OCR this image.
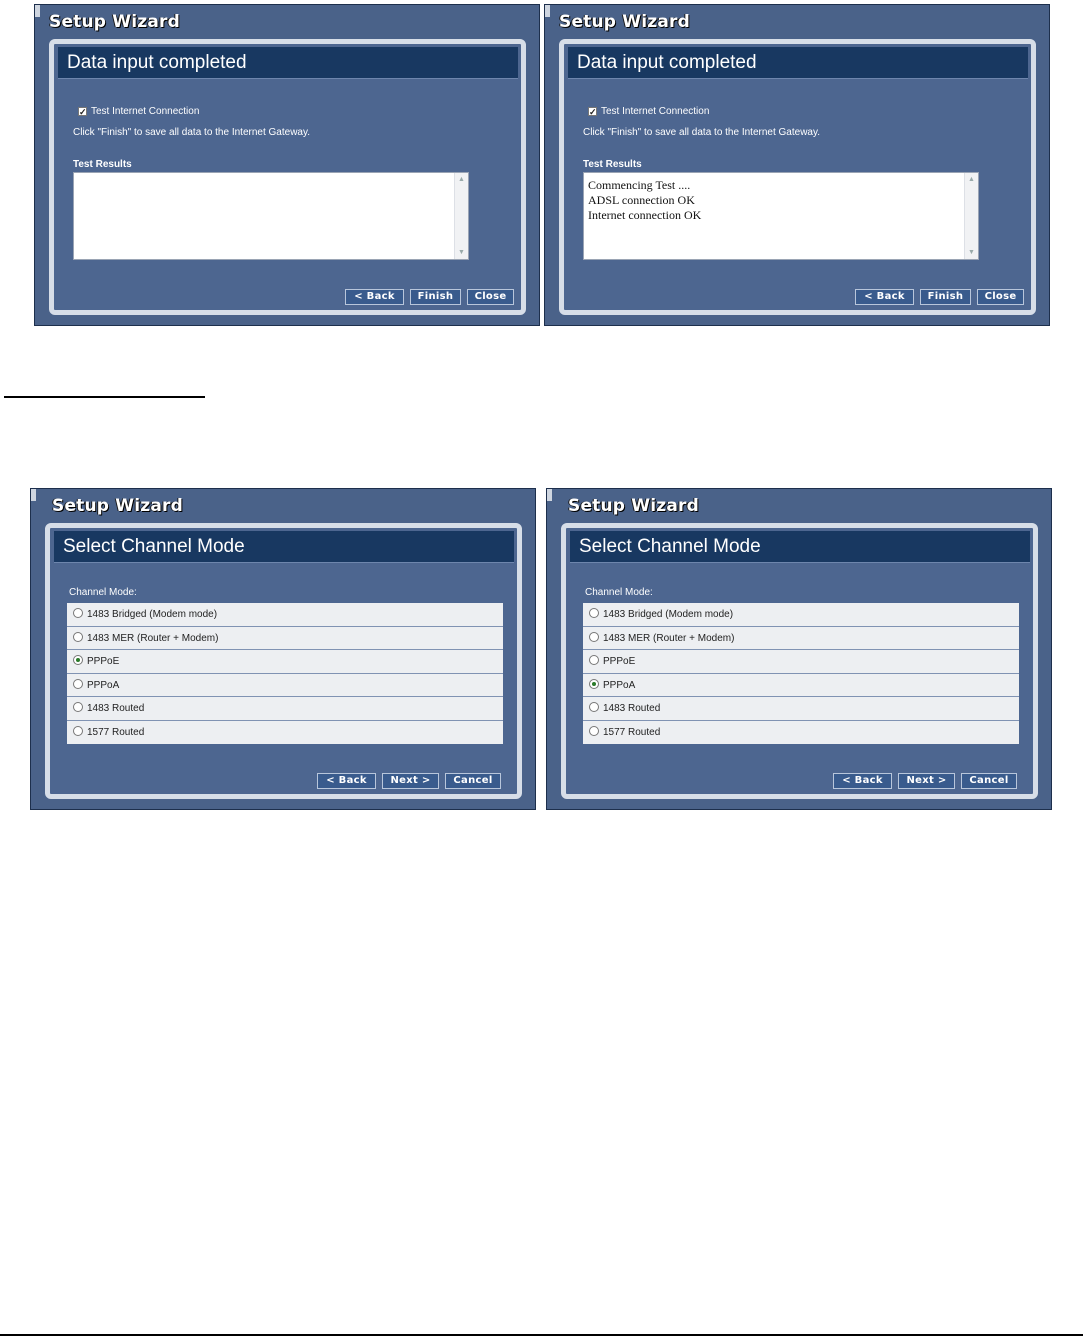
Setup Wizard
Data input completed
✓ Test Internet Connection
Click "Finish" to save all data to the Internet Gateway.
Test Results
▲
▼
< Back	Finish	Close
Setup Wizard
Data input completed
✓ Test Internet Connection
Click "Finish" to save all data to the Internet Gateway.
Test Results
Commencing Test ....
ADSL connection OK
Internet connection OK
▲
▼
< Back	Finish	Close
Setup Wizard
Select Channel Mode
Channel Mode:
1483 Bridged (Modem mode)
1483 MER (Router + Modem)
PPPoE
PPPoA
1483 Routed
1577 Routed
< Back	Next >	Cancel
Setup Wizard
Select Channel Mode
Channel Mode:
1483 Bridged (Modem mode)
1483 MER (Router + Modem)
PPPoE
PPPoA
1483 Routed
1577 Routed
< Back	Next >	Cancel
